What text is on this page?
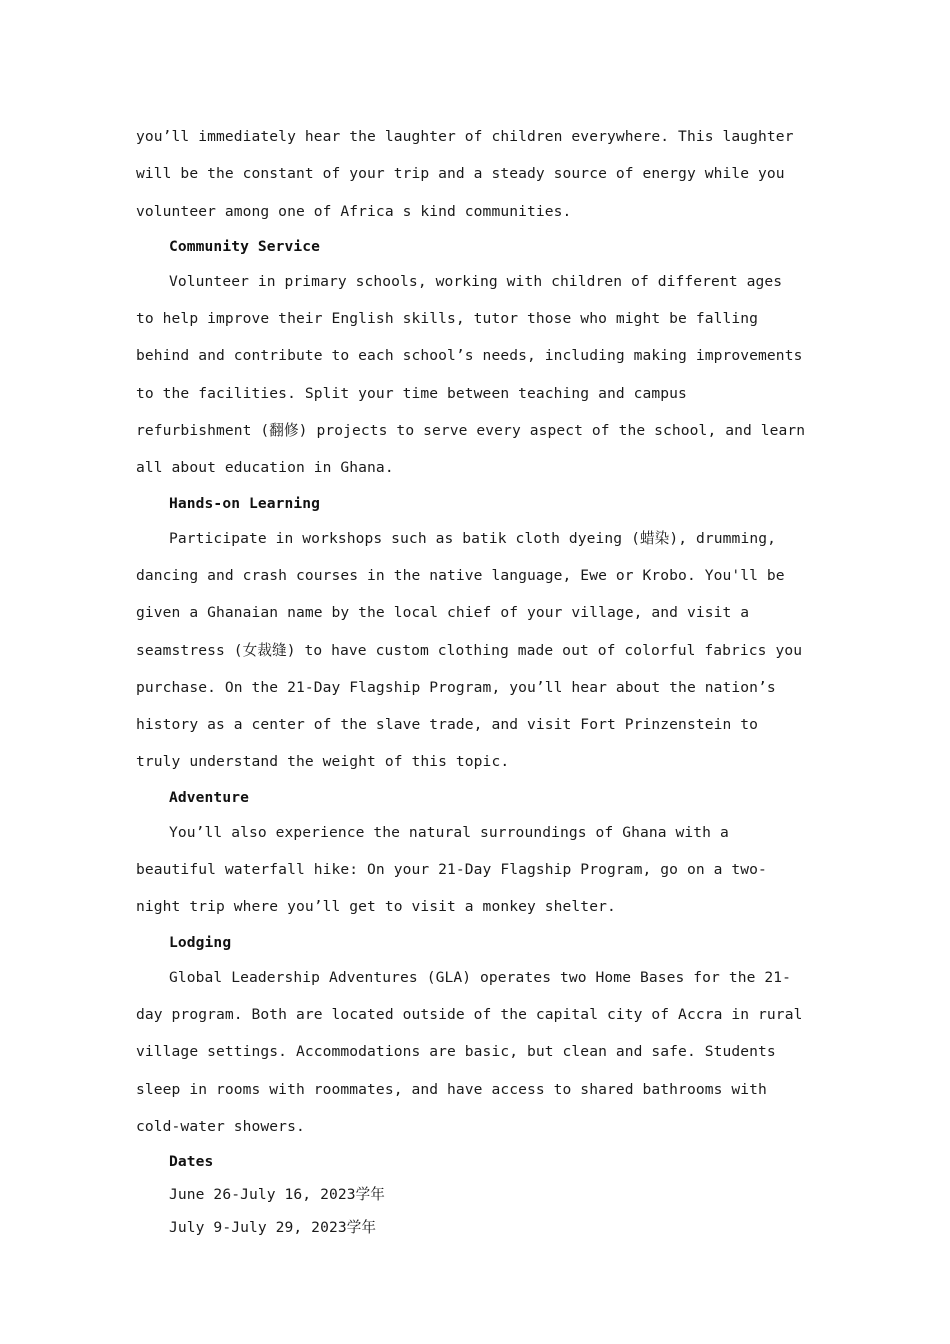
you’ll immediately hear the laughter of children everywhere. This laughter will be the constant of your trip and a steady source of energy while you volunteer among one of Africa s kind communities.

Community Service

Volunteer in primary schools, working with children of different ages to help improve their English skills, tutor those who might be falling behind and contribute to each school’s needs, including making improvements to the facilities. Split your time between teaching and campus refurbishment (翻修) projects to serve every aspect of the school, and learn all about education in Ghana.

Hands-on Learning

Participate in workshops such as batik cloth dyeing (蜡染), drumming, dancing and crash courses in the native language, Ewe or Krobo. You'll be given a Ghanaian name by the local chief of your village, and visit a seamstress (女裁缝) to have custom clothing made out of colorful fabrics you purchase. On the 21-Day Flagship Program, you’ll hear about the nation’s history as a center of the slave trade, and visit Fort Prinzenstein to truly understand the weight of this topic.

Adventure

You’ll also experience the natural surroundings of Ghana with a beautiful waterfall hike: On your 21-Day Flagship Program, go on a two-night trip where you’ll get to visit a monkey shelter.

Lodging

Global Leadership Adventures (GLA) operates two Home Bases for the 21-day program. Both are located outside of the capital city of Accra in rural village settings. Accommodations are basic, but clean and safe. Students sleep in rooms with roommates, and have access to shared bathrooms with cold-water showers.

Dates

June 26-July 16, 2023学年

July 9-July 29, 2023学年
